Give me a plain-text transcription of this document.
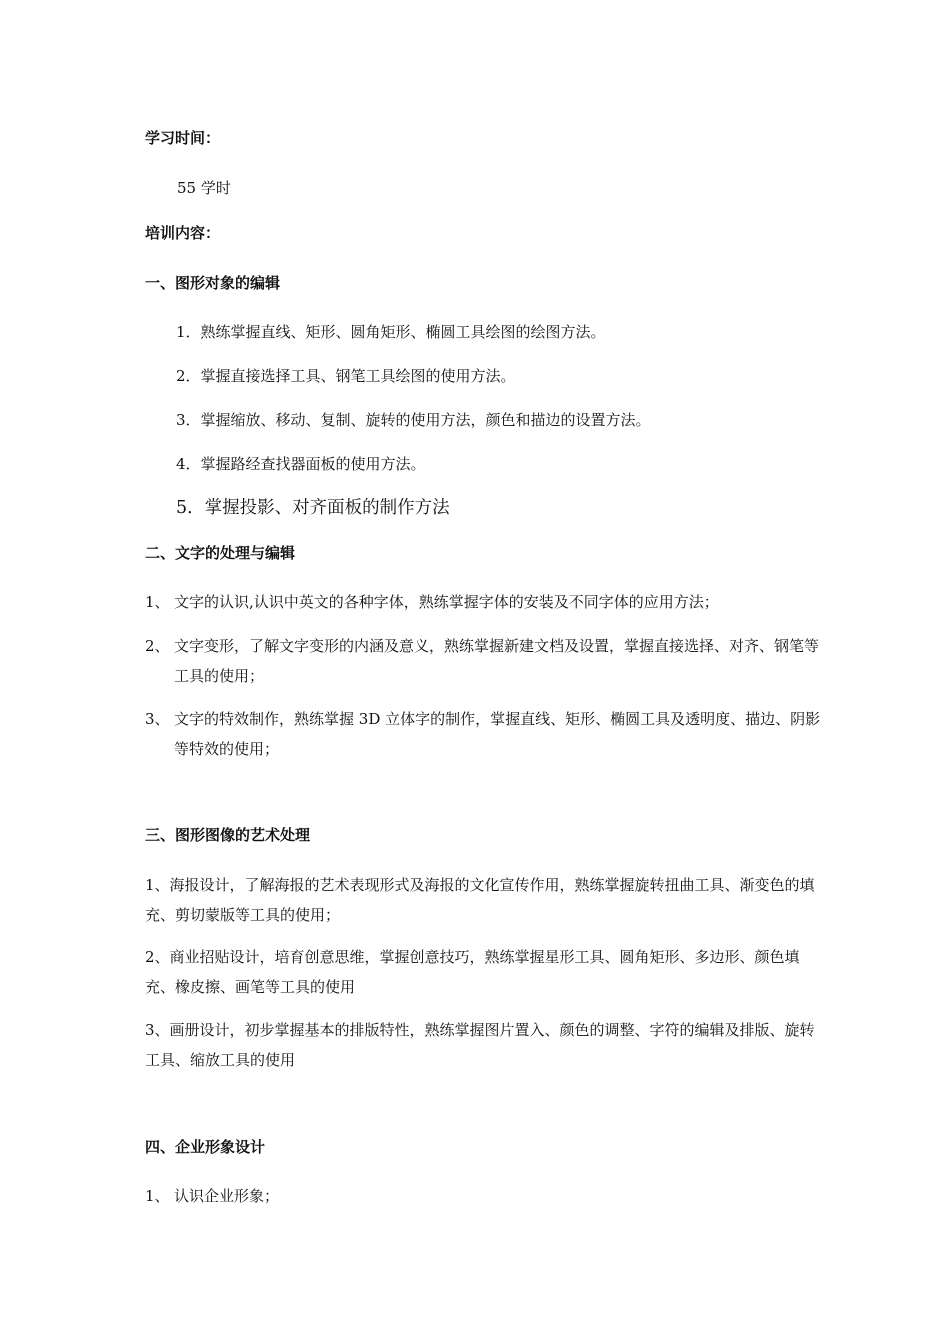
学习时间：
55 学时
培训内容：
一、图形对象的编辑
1．熟练掌握直线、矩形、圆角矩形、椭圆工具绘图的绘图方法。
2．掌握直接选择工具、钢笔工具绘图的使用方法。
3．掌握缩放、移动、复制、旋转的使用方法，颜色和描边的设置方法。
4．掌握路经查找器面板的使用方法。
5．掌握投影、对齐面板的制作方法
二、文字的处理与编辑
1、 文字的认识,认识中英文的各种字体，熟练掌握字体的安装及不同字体的应用方法；
2、 文字变形，了解文字变形的内涵及意义，熟练掌握新建文档及设置，掌握直接选择、对齐、钢笔等工具的使用；
3、 文字的特效制作，熟练掌握 3D 立体字的制作，掌握直线、矩形、椭圆工具及透明度、描边、阴影等特效的使用；
三、图形图像的艺术处理
1、海报设计，了解海报的艺术表现形式及海报的文化宣传作用，熟练掌握旋转扭曲工具、渐变色的填充、剪切蒙版等工具的使用；
2、商业招贴设计，培育创意思维，掌握创意技巧，熟练掌握星形工具、圆角矩形、多边形、颜色填充、橡皮擦、画笔等工具的使用
3、画册设计，初步掌握基本的排版特性，熟练掌握图片置入、颜色的调整、字符的编辑及排版、旋转工具、缩放工具的使用
四、企业形象设计
1、 认识企业形象；
